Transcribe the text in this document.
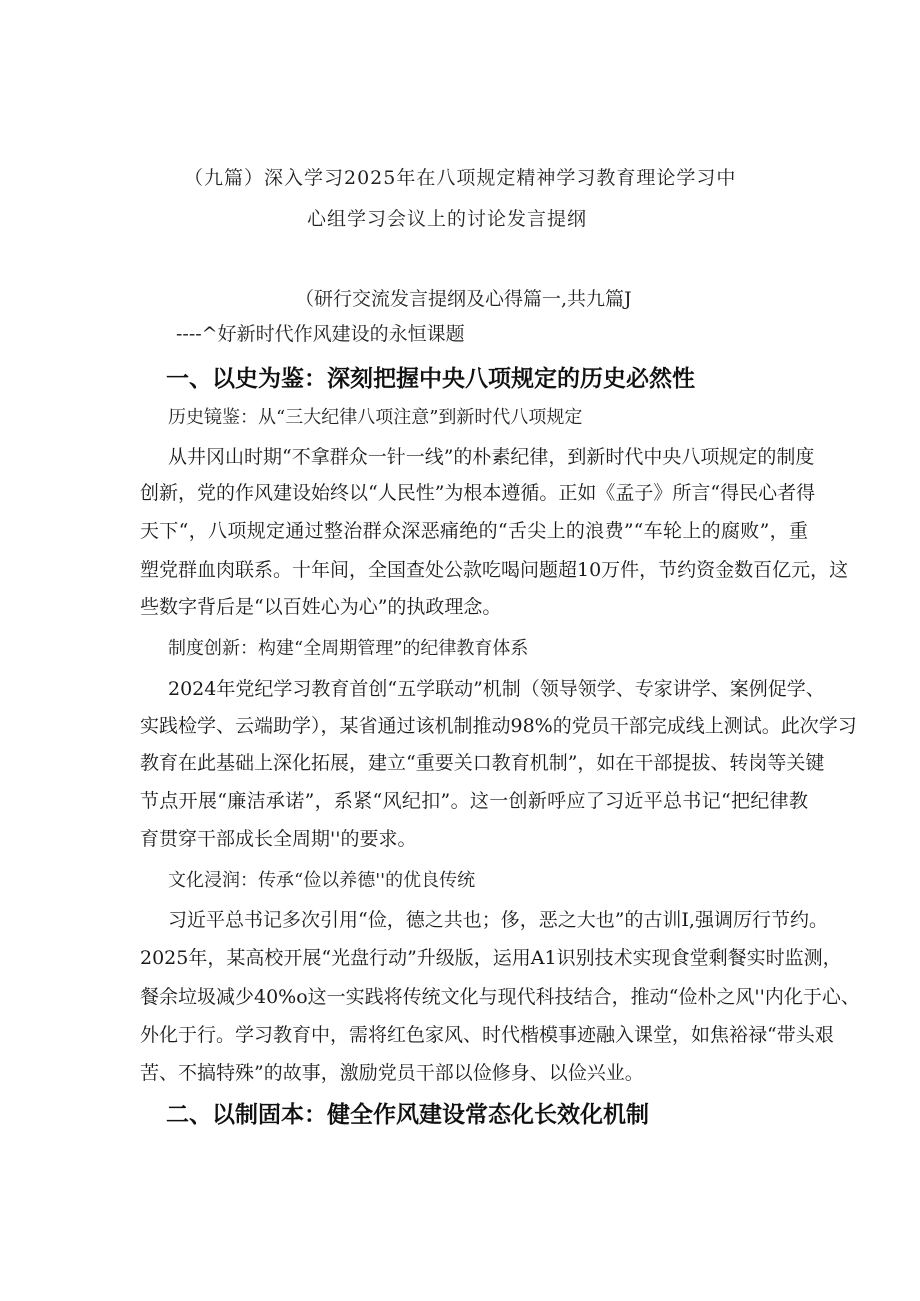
（九篇）深入学习2025年在八项规定精神学习教育理论学习中

心组学习会议上的讨论发言提纲

（研行交流发言提纲及心得篇一,共九篇J

----^好新时代作风建设的永恒课题

一、以史为鉴：深刻把握中央八项规定的历史必然性

历史镜鉴：从“三大纪律八项注意”到新时代八项规定

从井冈山时期“不拿群众一针一线”的朴素纪律，到新时代中央八项规定的制度

创新，党的作风建设始终以“人民性”为根本遵循。正如《孟子》所言“得民心者得

天下“，八项规定通过整治群众深恶痛绝的“舌尖上的浪费”“车轮上的腐败”，重

塑党群血肉联系。十年间，全国查处公款吃喝问题超10万件，节约资金数百亿元，这

些数字背后是“以百姓心为心”的执政理念。

制度创新：构建“全周期管理”的纪律教育体系

2024年党纪学习教育首创“五学联动”机制（领导领学、专家讲学、案例促学、

实践检学、云端助学），某省通过该机制推动98%的党员干部完成线上测试。此次学习

教育在此基础上深化拓展，建立“重要关口教育机制”，如在干部提拔、转岗等关键

节点开展“廉洁承诺”，系紧“风纪扣”。这一创新呼应了习近平总书记“把纪律教

育贯穿干部成长全周期''的要求。

文化浸润：传承“俭以养德''的优良传统

习近平总书记多次引用“俭，德之共也；侈，恶之大也”的古训I,强调厉行节约。

2025年，某高校开展“光盘行动”升级版，运用A1识别技术实现食堂剩餐实时监测，

餐余垃圾减少40%o这一实践将传统文化与现代科技结合，推动“俭朴之风''内化于心、

外化于行。学习教育中，需将红色家风、时代楷模事迹融入课堂，如焦裕禄“带头艰

苦、不搞特殊”的故事，激励党员干部以俭修身、以俭兴业。

二、以制固本：健全作风建设常态化长效化机制
